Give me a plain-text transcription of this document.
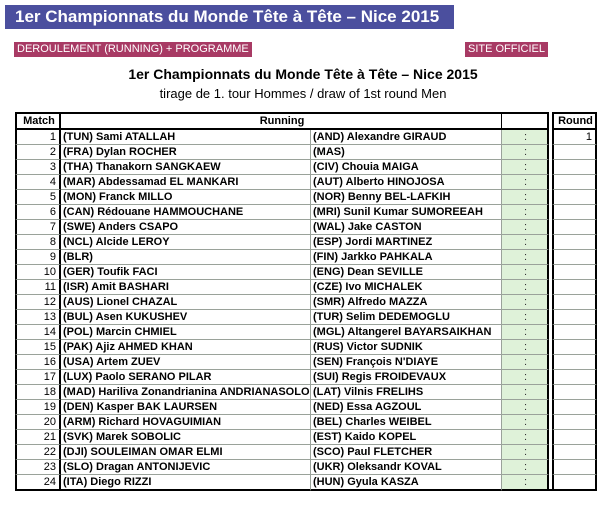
1er Championnats du Monde Tête à Tête – Nice 2015
DEROULEMENT (RUNNING) + PROGRAMME	SITE OFFICIEL
1er Championnats du Monde Tête à Tête – Nice 2015
tirage de 1. tour Hommes / draw of 1st round Men
Match	Running				Round
1	(TUN) Sami ATALLAH	(AND) Alexandre GIRAUD	:		1
2	(FRA) Dylan ROCHER	(MAS)	:		
3	(THA) Thanakorn SANGKAEW	(CIV) Chouia MAIGA	:		
4	(MAR) Abdessamad EL MANKARI	(AUT) Alberto HINOJOSA	:		
5	(MON) Franck MILLO	(NOR) Benny BEL-LAFKIH	:		
6	(CAN) Rédouane HAMMOUCHANE	(MRI) Sunil Kumar SUMOREEAH	:		
7	(SWE) Anders CSAPO	(WAL) Jake CASTON	:		
8	(NCL) Alcide LEROY	(ESP) Jordi MARTINEZ	:		
9	(BLR)	(FIN) Jarkko PAHKALA	:		
10	(GER) Toufik FACI	(ENG) Dean SEVILLE	:		
11	(ISR) Amit BASHARI	(CZE) Ivo MICHALEK	:		
12	(AUS) Lionel CHAZAL	(SMR) Alfredo MAZZA	:		
13	(BUL) Asen KUKUSHEV	(TUR) Selim DEDEMOGLU	:		
14	(POL) Marcin CHMIEL	(MGL) Altangerel BAYARSAIKHAN	:		
15	(PAK) Ajiz AHMED KHAN	(RUS) Victor SUDNIK	:		
16	(USA) Artem ZUEV	(SEN) François N'DIAYE	:		
17	(LUX) Paolo SERANO PILAR	(SUI) Regis FROIDEVAUX	:		
18	(MAD) Hariliva Zonandrianina ANDRIANASOLO	(LAT) Vilnis FRELIHS	:		
19	(DEN) Kasper BAK LAURSEN	(NED) Essa AGZOUL	:		
20	(ARM) Richard HOVAGUIMIAN	(BEL) Charles WEIBEL	:		
21	(SVK) Marek SOBOLIC	(EST) Kaido KOPEL	:		
22	(DJI) SOULEIMAN OMAR ELMI	(SCO) Paul FLETCHER	:		
23	(SLO) Dragan ANTONIJEVIC	(UKR) Oleksandr KOVAL	:		
24	(ITA) Diego RIZZI	(HUN) Gyula KASZA	:		
